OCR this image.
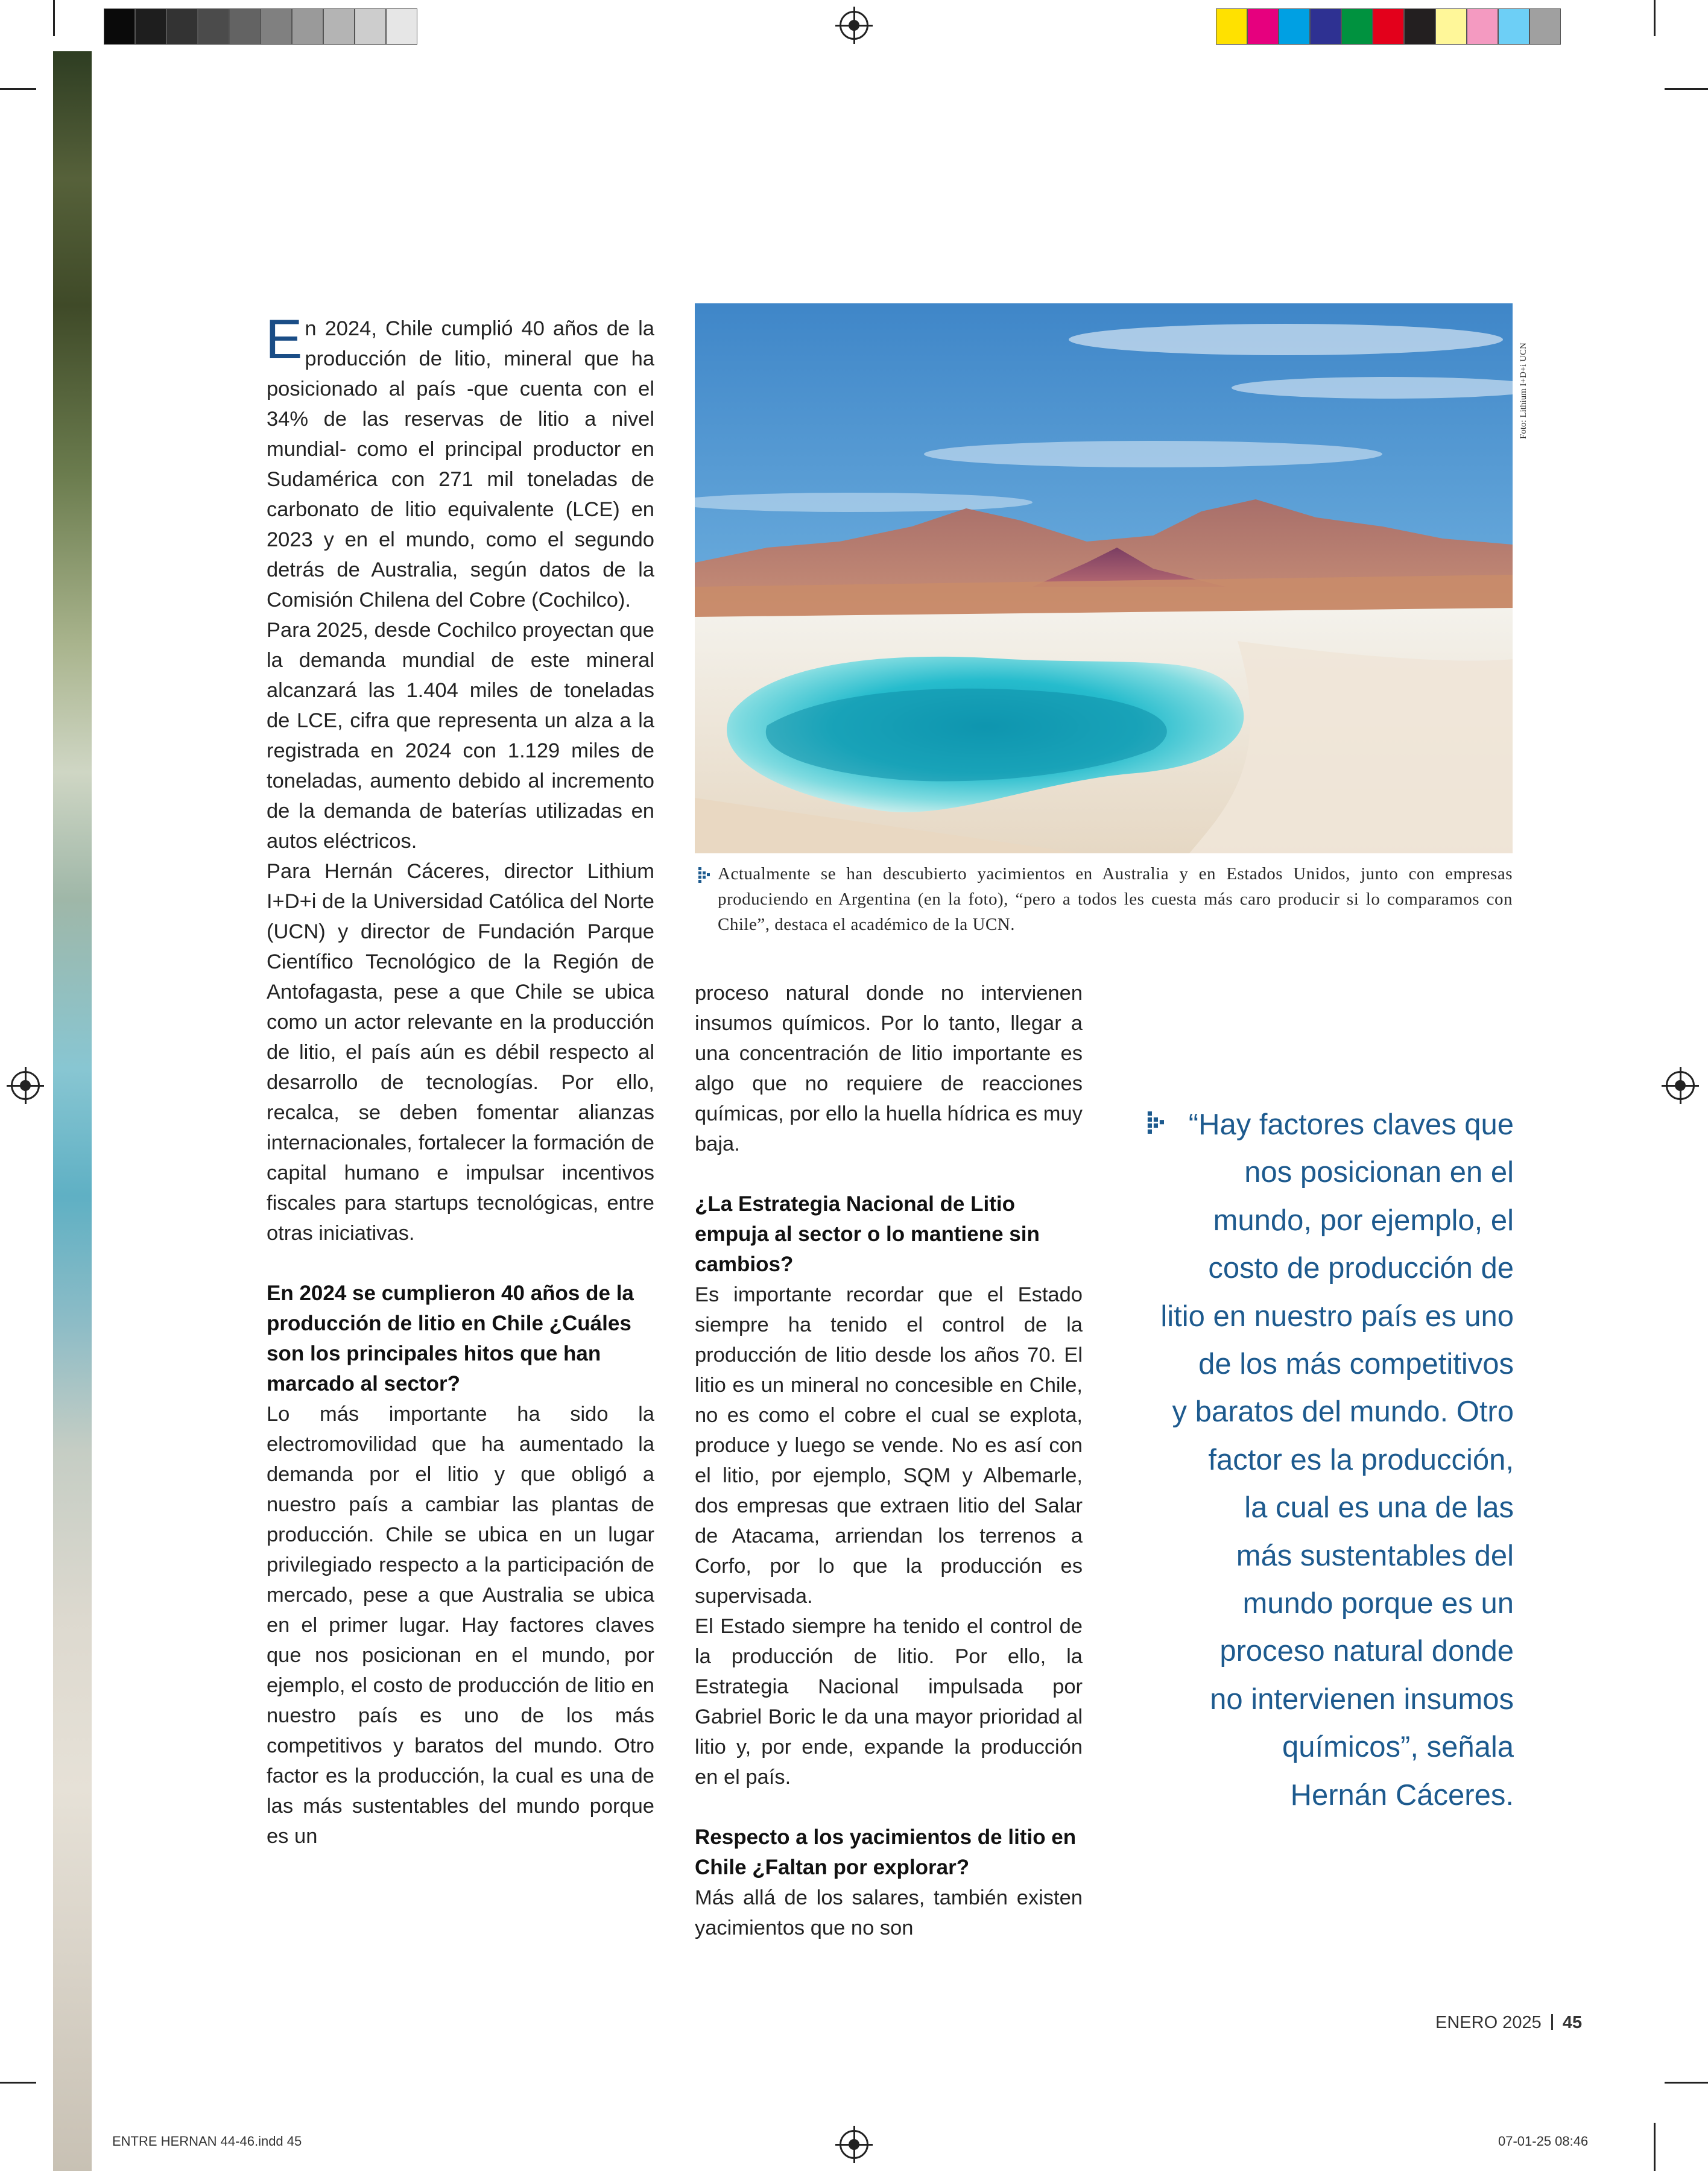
En 2024, Chile cumplió 40 años de la producción de litio, mineral que ha posicionado al país -que cuenta con el 34% de las reservas de litio a nivel mundial- como el principal productor en Sudamérica con 271 mil toneladas de carbonato de litio equivalente (LCE) en 2023 y en el mundo, como el segundo detrás de Australia, según datos de la Comisión Chilena del Cobre (Cochilco).

Para 2025, desde Cochilco proyectan que la demanda mundial de este mineral alcanzará las 1.404 miles de toneladas de LCE, cifra que representa un alza a la registrada en 2024 con 1.129 miles de toneladas, aumento debido al incremento de la demanda de baterías utilizadas en autos eléctricos.

Para Hernán Cáceres, director Lithium I+D+i de la Universidad Católica del Norte (UCN) y director de Fundación Parque Científico Tecnológico de la Región de Antofagasta, pese a que Chile se ubica como un actor relevante en la producción de litio, el país aún es débil respecto al desarrollo de tecnologías. Por ello, recalca, se deben fomentar alianzas internacionales, fortalecer la formación de capital humano e impulsar incentivos fiscales para startups tecnológicas, entre otras iniciativas.

En 2024 se cumplieron 40 años de la producción de litio en Chile ¿Cuáles son los principales hitos que han marcado al sector?

Lo más importante ha sido la electromovilidad que ha aumentado la demanda por el litio y que obligó a nuestro país a cambiar las plantas de producción. Chile se ubica en un lugar privilegiado respecto a la participación de mercado, pese a que Australia se ubica en el primer lugar. Hay factores claves que nos posicionan en el mundo, por ejemplo, el costo de producción de litio en nuestro país es uno de los más competitivos y baratos del mundo. Otro factor es la producción, la cual es una de las más sustentables del mundo porque es un

Foto: Lithium I+D+i UCN

Actualmente se han descubierto yacimientos en Australia y en Estados Unidos, junto con empresas produciendo en Argentina (en la foto), “pero a todos les cuesta más caro producir si lo comparamos con Chile”, destaca el académico de la UCN.

proceso natural donde no intervienen insumos químicos. Por lo tanto, llegar a una concentración de litio importante es algo que no requiere de reacciones químicas, por ello la huella hídrica es muy baja.

¿La Estrategia Nacional de Litio empuja al sector o lo mantiene sin cambios?

Es importante recordar que el Estado siempre ha tenido el control de la producción de litio desde los años 70. El litio es un mineral no concesible en Chile, no es como el cobre el cual se explota, produce y luego se vende. No es así con el litio, por ejemplo, SQM y Albemarle, dos empresas que extraen litio del Salar de Atacama, arriendan los terrenos a Corfo, por lo que la producción es supervisada.

El Estado siempre ha tenido el control de la producción de litio. Por ello, la Estrategia Nacional impulsada por Gabriel Boric le da una mayor prioridad al litio y, por ende, expande la producción en el país.

Respecto a los yacimientos de litio en Chile ¿Faltan por explorar?

Más allá de los salares, también existen yacimientos que no son

“Hay factores claves que

nos posicionan en el

mundo, por ejemplo, el

costo de producción de

litio en nuestro país es uno

de los más competitivos

y baratos del mundo. Otro

factor es la producción,

la cual es una de las

más sustentables del

mundo porque es un

proceso natural donde

no intervienen insumos

químicos”, señala

Hernán Cáceres.

ENERO 2025 45
ENTRE HERNAN 44-46.indd 45	07-01-25 08:46
